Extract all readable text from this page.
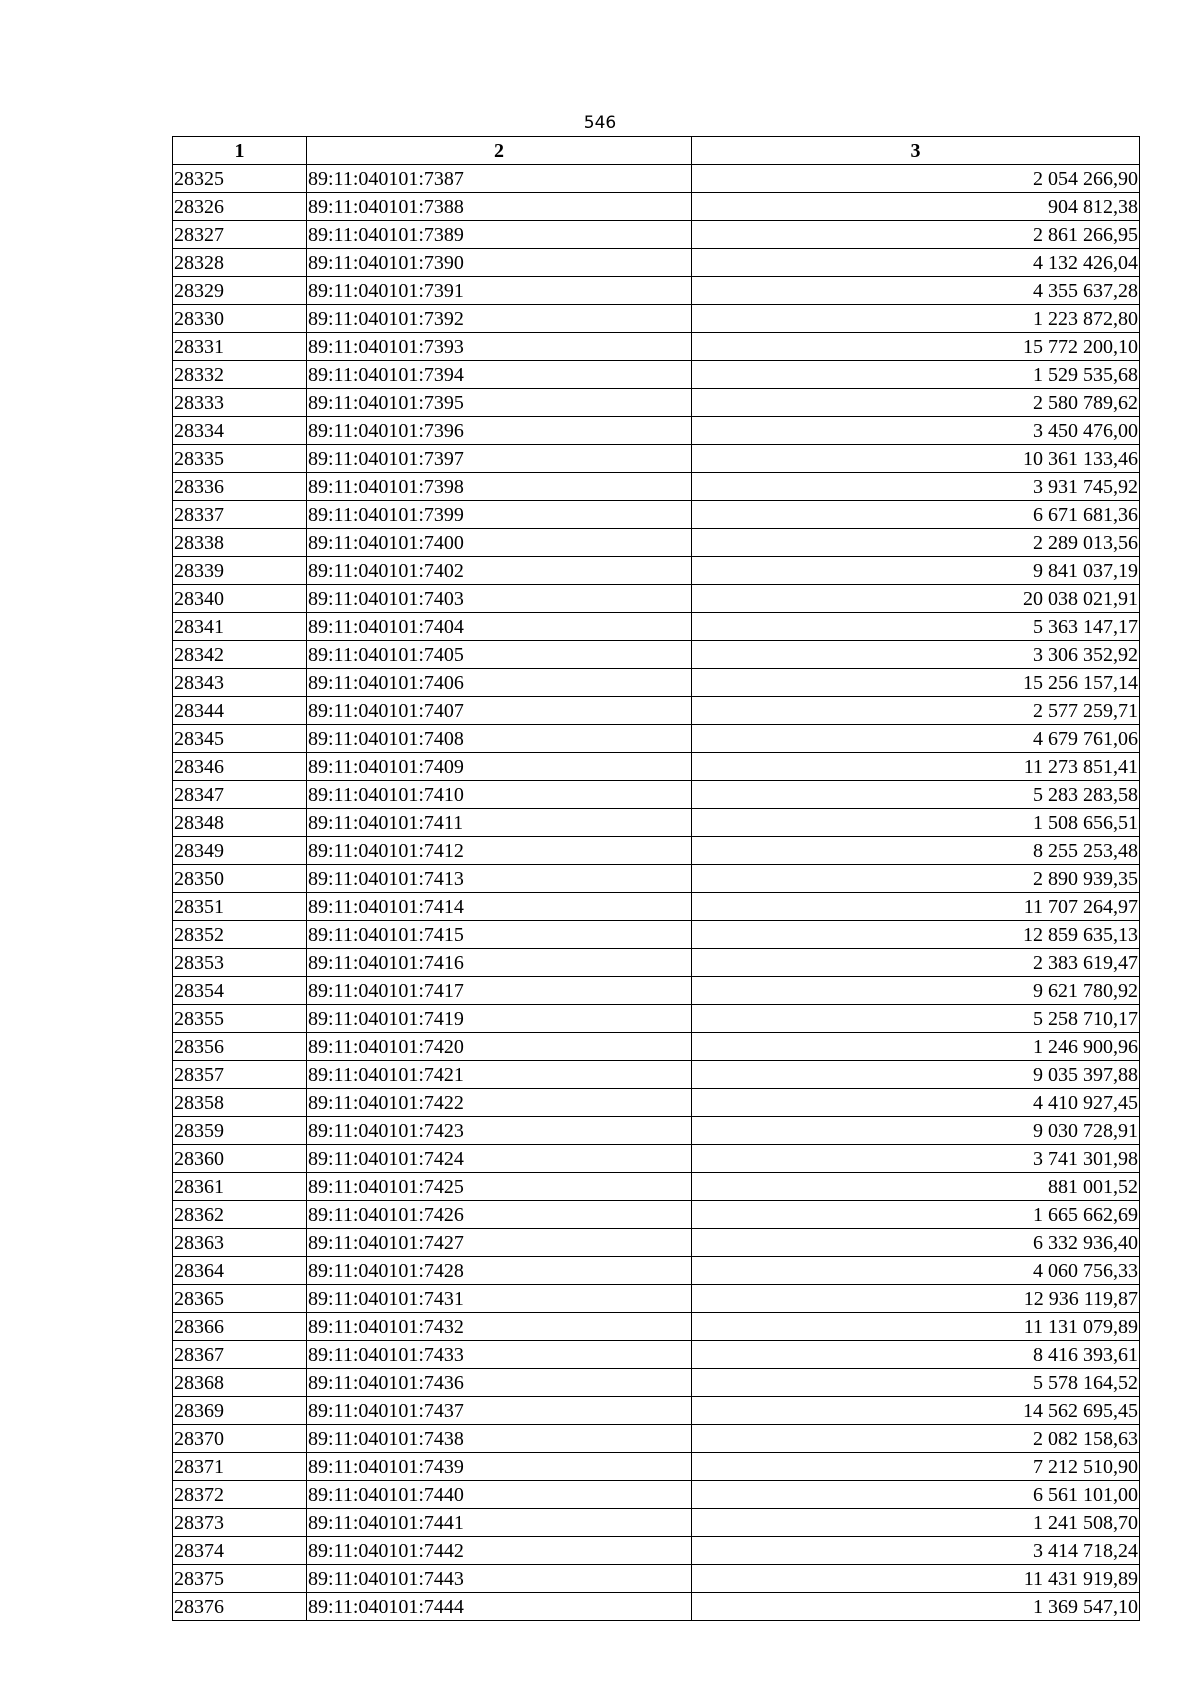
546
1	2	3
28325	89:11:040101:7387	2 054 266,90
28326	89:11:040101:7388	904 812,38
28327	89:11:040101:7389	2 861 266,95
28328	89:11:040101:7390	4 132 426,04
28329	89:11:040101:7391	4 355 637,28
28330	89:11:040101:7392	1 223 872,80
28331	89:11:040101:7393	15 772 200,10
28332	89:11:040101:7394	1 529 535,68
28333	89:11:040101:7395	2 580 789,62
28334	89:11:040101:7396	3 450 476,00
28335	89:11:040101:7397	10 361 133,46
28336	89:11:040101:7398	3 931 745,92
28337	89:11:040101:7399	6 671 681,36
28338	89:11:040101:7400	2 289 013,56
28339	89:11:040101:7402	9 841 037,19
28340	89:11:040101:7403	20 038 021,91
28341	89:11:040101:7404	5 363 147,17
28342	89:11:040101:7405	3 306 352,92
28343	89:11:040101:7406	15 256 157,14
28344	89:11:040101:7407	2 577 259,71
28345	89:11:040101:7408	4 679 761,06
28346	89:11:040101:7409	11 273 851,41
28347	89:11:040101:7410	5 283 283,58
28348	89:11:040101:7411	1 508 656,51
28349	89:11:040101:7412	8 255 253,48
28350	89:11:040101:7413	2 890 939,35
28351	89:11:040101:7414	11 707 264,97
28352	89:11:040101:7415	12 859 635,13
28353	89:11:040101:7416	2 383 619,47
28354	89:11:040101:7417	9 621 780,92
28355	89:11:040101:7419	5 258 710,17
28356	89:11:040101:7420	1 246 900,96
28357	89:11:040101:7421	9 035 397,88
28358	89:11:040101:7422	4 410 927,45
28359	89:11:040101:7423	9 030 728,91
28360	89:11:040101:7424	3 741 301,98
28361	89:11:040101:7425	881 001,52
28362	89:11:040101:7426	1 665 662,69
28363	89:11:040101:7427	6 332 936,40
28364	89:11:040101:7428	4 060 756,33
28365	89:11:040101:7431	12 936 119,87
28366	89:11:040101:7432	11 131 079,89
28367	89:11:040101:7433	8 416 393,61
28368	89:11:040101:7436	5 578 164,52
28369	89:11:040101:7437	14 562 695,45
28370	89:11:040101:7438	2 082 158,63
28371	89:11:040101:7439	7 212 510,90
28372	89:11:040101:7440	6 561 101,00
28373	89:11:040101:7441	1 241 508,70
28374	89:11:040101:7442	3 414 718,24
28375	89:11:040101:7443	11 431 919,89
28376	89:11:040101:7444	1 369 547,10
